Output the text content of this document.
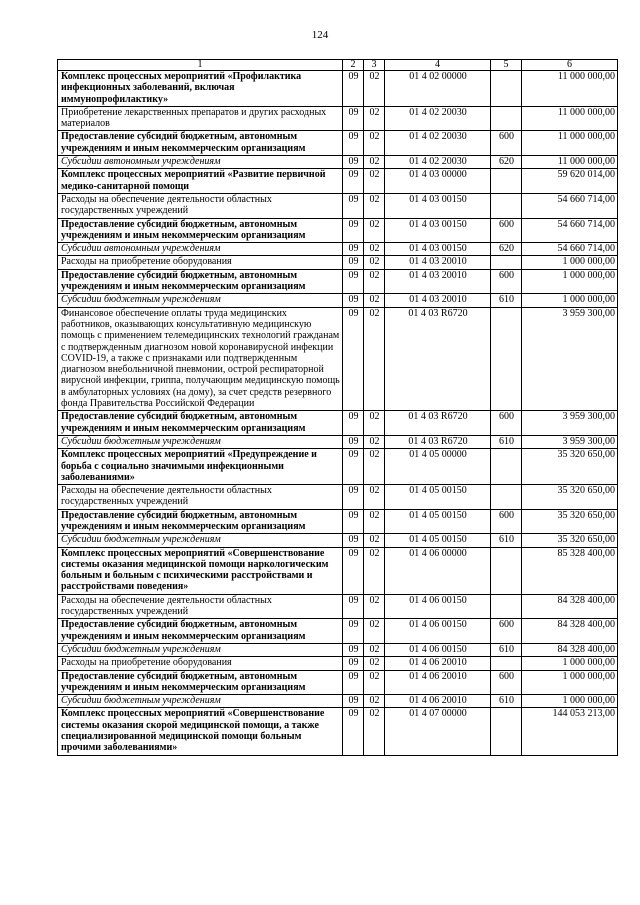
124
1	2	3	4	5	6
Комплекс процессных мероприятий «Профилактика инфекционных заболеваний, включая иммунопрофилактику»	09	02	01 4 02 00000		11 000 000,00
Приобретение лекарственных препаратов и других расходных материалов	09	02	01 4 02 20030		11 000 000,00
Предоставление субсидий бюджетным, автономным учреждениям и иным некоммерческим организациям	09	02	01 4 02 20030	600	11 000 000,00
Субсидии автономным учреждениям	09	02	01 4 02 20030	620	11 000 000,00
Комплекс процессных мероприятий «Развитие первичной медико-санитарной помощи	09	02	01 4 03 00000		59 620 014,00
Расходы на обеспечение деятельности областных государственных учреждений	09	02	01 4 03 00150		54 660 714,00
Предоставление субсидий бюджетным, автономным учреждениям и иным некоммерческим организациям	09	02	01 4 03 00150	600	54 660 714,00
Субсидии автономным учреждениям	09	02	01 4 03 00150	620	54 660 714,00
Расходы на приобретение оборудования	09	02	01 4 03 20010		1 000 000,00
Предоставление субсидий бюджетным, автономным учреждениям и иным некоммерческим организациям	09	02	01 4 03 20010	600	1 000 000,00
Субсидии бюджетным учреждениям	09	02	01 4 03 20010	610	1 000 000,00
Финансовое обеспечение оплаты труда медицинских работников, оказывающих консультативную медицинскую помощь с применением телемедицинских технологий гражданам с подтвержденным диагнозом новой коронавирусной инфекции COVID-19, а также с признаками или подтвержденным диагнозом внебольничной пневмонии, острой респираторной вирусной инфекции, гриппа, получающим медицинскую помощь в амбулаторных условиях (на дому), за счет средств резервного фонда Правительства Российской Федерации	09	02	01 4 03 R6720		3 959 300,00
Предоставление субсидий бюджетным, автономным учреждениям и иным некоммерческим организациям	09	02	01 4 03 R6720	600	3 959 300,00
Субсидии бюджетным учреждениям	09	02	01 4 03 R6720	610	3 959 300,00
Комплекс процессных мероприятий «Предупреждение и борьба с социально значимыми инфекционными заболеваниями»	09	02	01 4 05 00000		35 320 650,00
Расходы на обеспечение деятельности областных государственных учреждений	09	02	01 4 05 00150		35 320 650,00
Предоставление субсидий бюджетным, автономным учреждениям и иным некоммерческим организациям	09	02	01 4 05 00150	600	35 320 650,00
Субсидии бюджетным учреждениям	09	02	01 4 05 00150	610	35 320 650,00
Комплекс процессных мероприятий «Совершенствование системы оказания медицинской помощи наркологическим больным и больным с психическими расстройствами и расстройствами поведения»	09	02	01 4 06 00000		85 328 400,00
Расходы на обеспечение деятельности областных государственных учреждений	09	02	01 4 06 00150		84 328 400,00
Предоставление субсидий бюджетным, автономным учреждениям и иным некоммерческим организациям	09	02	01 4 06 00150	600	84 328 400,00
Субсидии бюджетным учреждениям	09	02	01 4 06 00150	610	84 328 400,00
Расходы на приобретение оборудования	09	02	01 4 06 20010		1 000 000,00
Предоставление субсидий бюджетным, автономным учреждениям и иным некоммерческим организациям	09	02	01 4 06 20010	600	1 000 000,00
Субсидии бюджетным учреждениям	09	02	01 4 06 20010	610	1 000 000,00
Комплекс процессных мероприятий «Совершенствование системы оказания скорой медицинской помощи, а также специализированной медицинской помощи больным прочими заболеваниями»	09	02	01 4 07 00000		144 053 213,00
